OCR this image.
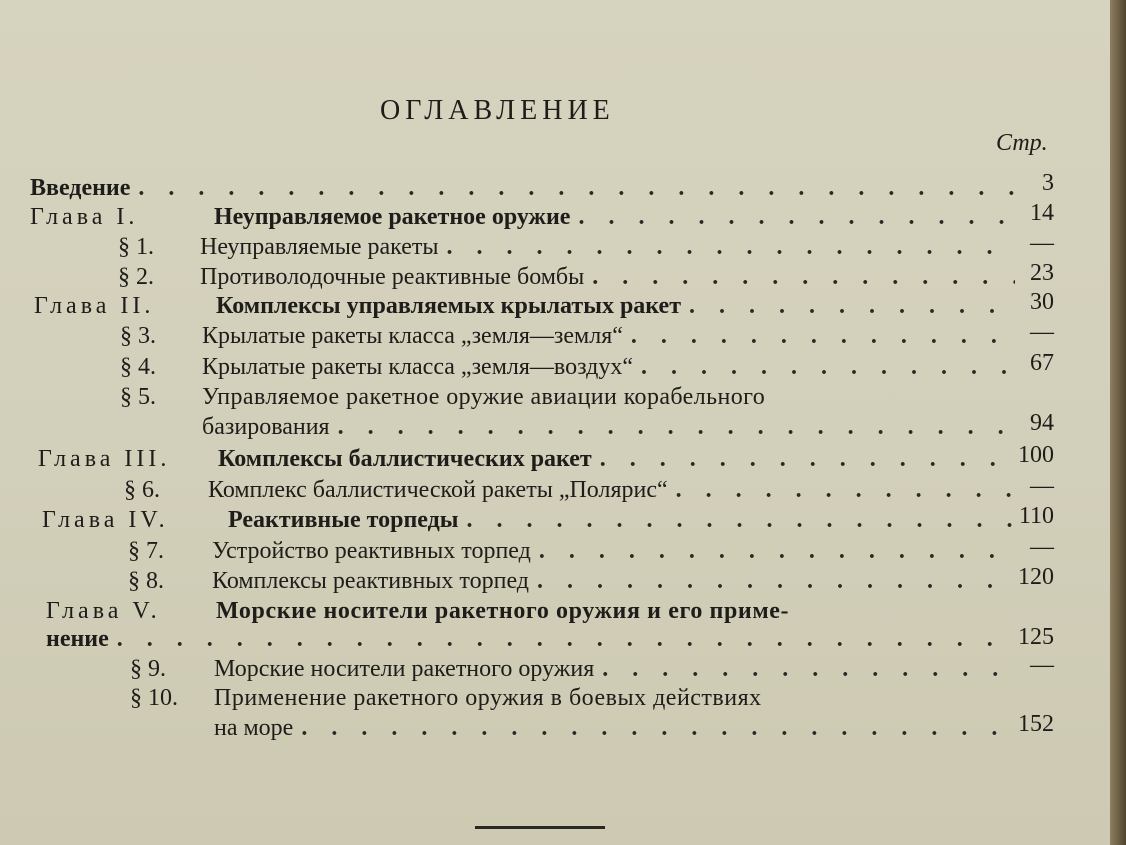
ОГЛАВЛЕНИЕ
Стр.
Введение . . .	3
Глава I.	Неуправляемое ракетное оружие . . .	14
§ 1.	Неуправляемые ракеты . . .	—
§ 2.	Противолодочные реактивные бомбы . . .	23
Глава II.	Комплексы управляемых крылатых ракет . . .	30
§ 3.	Крылатые ракеты класса „земля—земля“ . . .	—
§ 4.	Крылатые ракеты класса „земля—воздух“ . . .	67
§ 5.	Управляемое ракетное оружие авиации корабельного
базирования . . .	94
Глава III.	Комплексы баллистических ракет . . .	100
§ 6.	Комплекс баллистической ракеты „Полярис“ . . .	—
Глава IV.	Реактивные торпеды . . .	110
§ 7.	Устройство реактивных торпед . . .	—
§ 8.	Комплексы реактивных торпед . . .	120
Глава V.	Морские носители ракетного оружия и его приме-
нение . . .	125
§ 9.	Морские носители ракетного оружия . . .	—
§ 10.	Применение ракетного оружия в боевых действиях
на море . . .	152
